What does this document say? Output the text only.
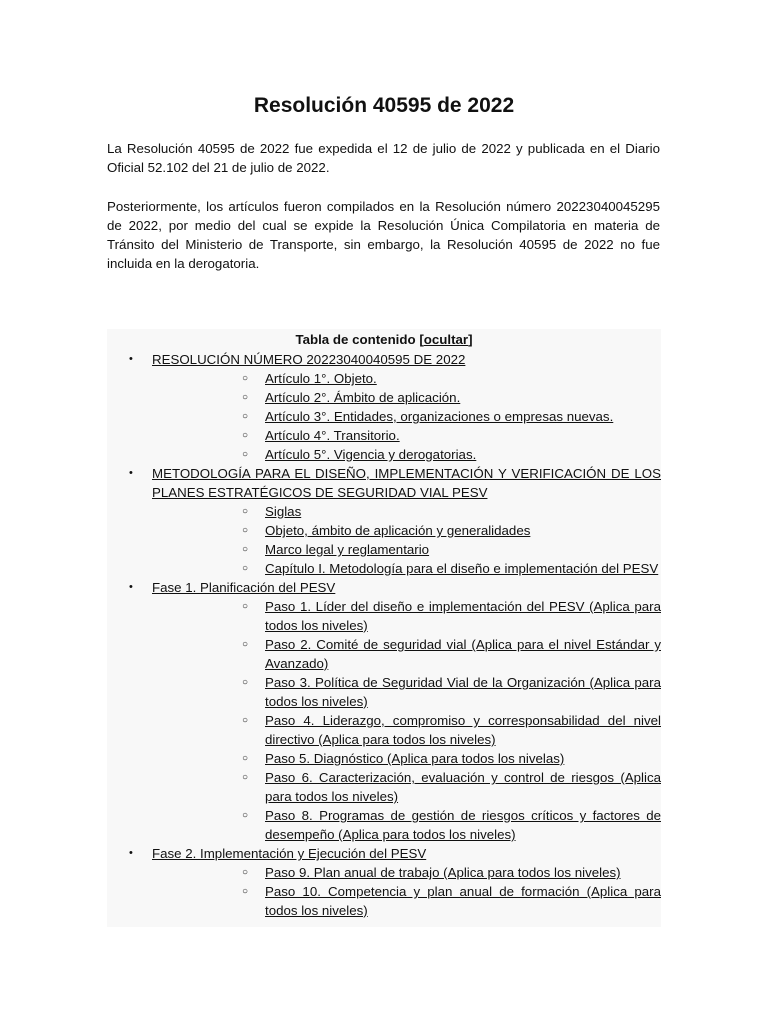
Resolución 40595 de 2022

La Resolución 40595 de 2022 fue expedida el 12 de julio de 2022 y publicada en el Diario Oficial 52.102 del 21 de julio de 2022.

Posteriormente, los artículos fueron compilados en la Resolución número 20223040045295 de 2022, por medio del cual se expide la Resolución Única Compilatoria en materia de Tránsito del Ministerio de Transporte, sin embargo, la Resolución 40595 de 2022 no fue incluida en la derogatoria.

Tabla de contenido [ocultar]
• RESOLUCIÓN NÚMERO 20223040040595 DE 2022
○ Artículo 1°. Objeto.
○ Artículo 2°. Ámbito de aplicación.
○ Artículo 3°. Entidades, organizaciones o empresas nuevas.
○ Artículo 4°. Transitorio.
○ Artículo 5°. Vigencia y derogatorias.
• METODOLOGÍA PARA EL DISEÑO, IMPLEMENTACIÓN Y VERIFICACIÓN DE LOS PLANES ESTRATÉGICOS DE SEGURIDAD VIAL PESV
○ Siglas
○ Objeto, ámbito de aplicación y generalidades
○ Marco legal y reglamentario
○ Capítulo I. Metodología para el diseño e implementación del PESV
• Fase 1. Planificación del PESV
○ Paso 1. Líder del diseño e implementación del PESV (Aplica para todos los niveles)
○ Paso 2. Comité de seguridad vial (Aplica para el nivel Estándar y Avanzado)
○ Paso 3. Política de Seguridad Vial de la Organización (Aplica para todos los niveles)
○ Paso 4. Liderazgo, compromiso y corresponsabilidad del nivel directivo (Aplica para todos los niveles)
○ Paso 5. Diagnóstico (Aplica para todos los nivelas)
○ Paso 6. Caracterización, evaluación y control de riesgos (Aplica para todos los niveles)
○ Paso 8. Programas de gestión de riesgos críticos y factores de desempeño (Aplica para todos los niveles)
• Fase 2. Implementación y Ejecución del PESV
○ Paso 9. Plan anual de trabajo (Aplica para todos los niveles)
○ Paso 10. Competencia y plan anual de formación (Aplica para todos los niveles)
